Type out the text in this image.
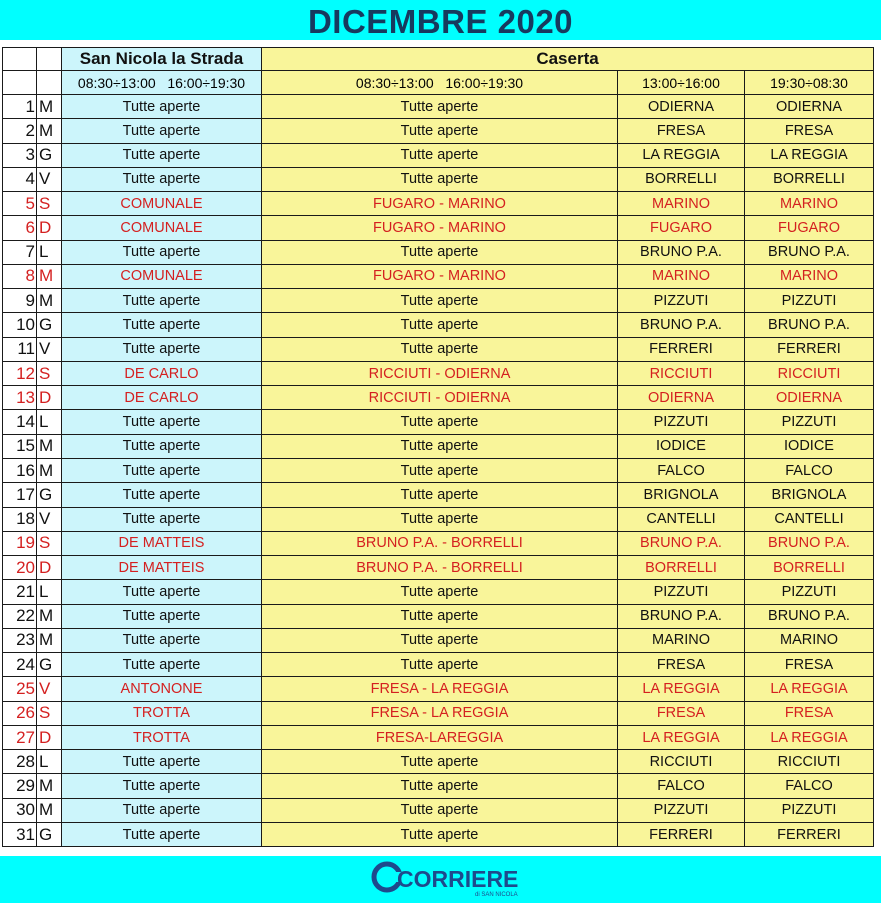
DICEMBRE 2020
		San Nicola la Strada	Caserta		
		08:30÷13:00   16:00÷19:30	08:30÷13:00   16:00÷19:30	13:00÷16:00	19:30÷08:30
1	M	Tutte aperte	Tutte aperte	ODIERNA	ODIERNA
2	M	Tutte aperte	Tutte aperte	FRESA	FRESA
3	G	Tutte aperte	Tutte aperte	LA REGGIA	LA REGGIA
4	V	Tutte aperte	Tutte aperte	BORRELLI	BORRELLI
5	S	COMUNALE	FUGARO - MARINO	MARINO	MARINO
6	D	COMUNALE	FUGARO - MARINO	FUGARO	FUGARO
7	L	Tutte aperte	Tutte aperte	BRUNO P.A.	BRUNO P.A.
8	M	COMUNALE	FUGARO - MARINO	MARINO	MARINO
9	M	Tutte aperte	Tutte aperte	PIZZUTI	PIZZUTI
10	G	Tutte aperte	Tutte aperte	BRUNO P.A.	BRUNO P.A.
11	V	Tutte aperte	Tutte aperte	FERRERI	FERRERI
12	S	DE CARLO	RICCIUTI - ODIERNA	RICCIUTI	RICCIUTI
13	D	DE CARLO	RICCIUTI - ODIERNA	ODIERNA	ODIERNA
14	L	Tutte aperte	Tutte aperte	PIZZUTI	PIZZUTI
15	M	Tutte aperte	Tutte aperte	IODICE	IODICE
16	M	Tutte aperte	Tutte aperte	FALCO	FALCO
17	G	Tutte aperte	Tutte aperte	BRIGNOLA	BRIGNOLA
18	V	Tutte aperte	Tutte aperte	CANTELLI	CANTELLI
19	S	DE MATTEIS	BRUNO P.A. - BORRELLI	BRUNO P.A.	BRUNO P.A.
20	D	DE MATTEIS	BRUNO P.A. - BORRELLI	BORRELLI	BORRELLI
21	L	Tutte aperte	Tutte aperte	PIZZUTI	PIZZUTI
22	M	Tutte aperte	Tutte aperte	BRUNO P.A.	BRUNO P.A.
23	M	Tutte aperte	Tutte aperte	MARINO	MARINO
24	G	Tutte aperte	Tutte aperte	FRESA	FRESA
25	V	ANTONONE	FRESA - LA REGGIA	LA REGGIA	LA REGGIA
26	S	TROTTA	FRESA - LA REGGIA	FRESA	FRESA
27	D	TROTTA	FRESA-LAREGGIA	LA REGGIA	LA REGGIA
28	L	Tutte aperte	Tutte aperte	RICCIUTI	RICCIUTI
29	M	Tutte aperte	Tutte aperte	FALCO	FALCO
30	M	Tutte aperte	Tutte aperte	PIZZUTI	PIZZUTI
31	G	Tutte aperte	Tutte aperte	FERRERI	FERRERI
CORRIERE
di SAN NICOLA
